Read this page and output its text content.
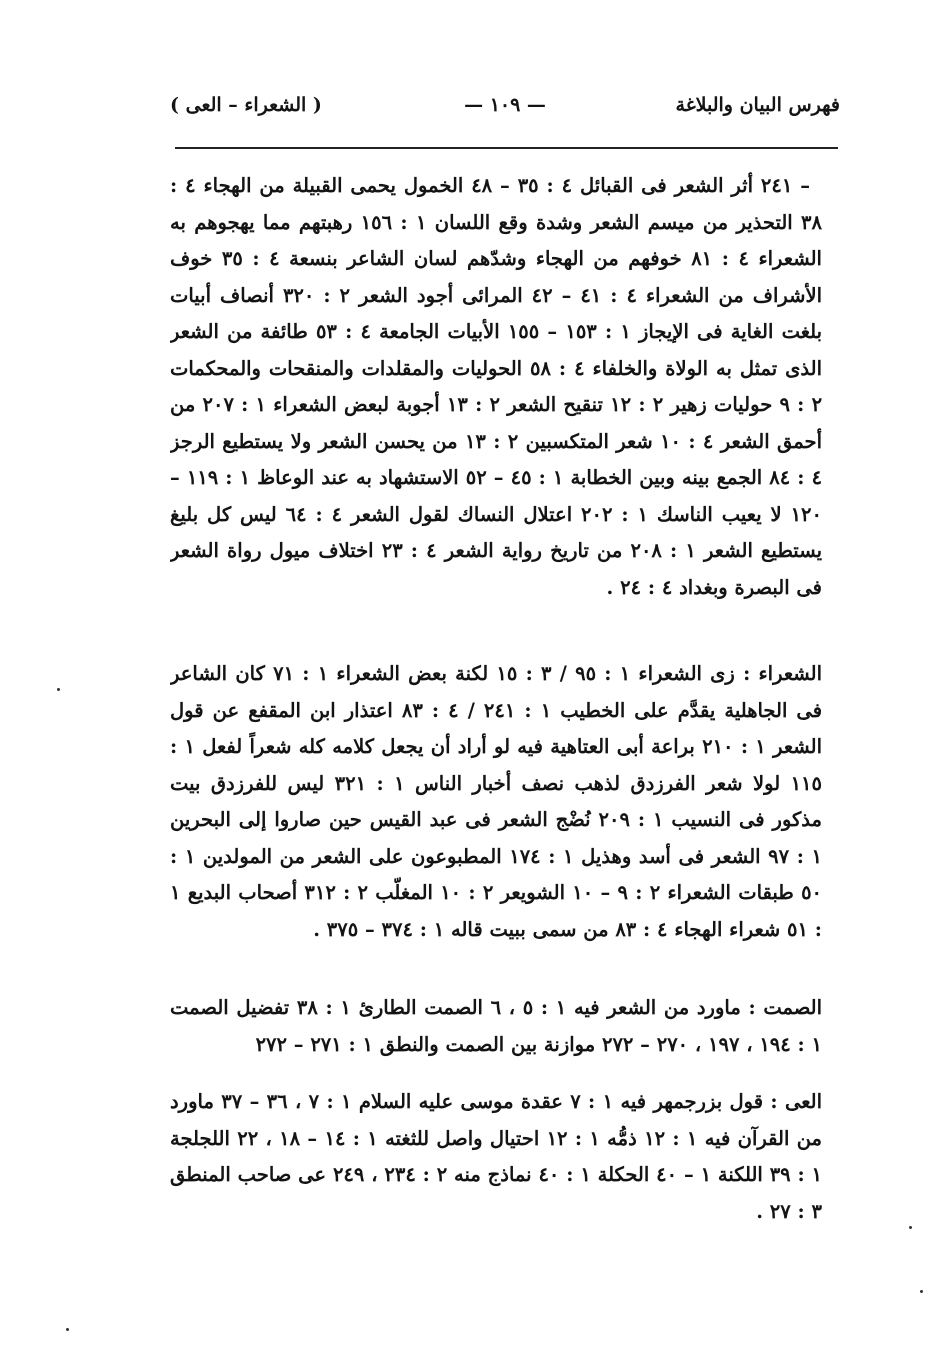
فهرس البيان والبلاغة
— ١٠٩ —
( الشعراء – العى )

– ٢٤١ أثر الشعر فى القبائل ٤ : ٣٥ – ٤٨ الخمول يحمى القبيلة من الهجاء ٤ : ٣٨ التحذير من ميسم الشعر وشدة وقع اللسان ١ : ١٥٦ رهبتهم مما يهجوهم به الشعراء ٤ : ٨١ خوفهم من الهجاء وشدّهم لسان الشاعر بنسعة ٤ : ٣٥ خوف الأشراف من الشعراء ٤ : ٤١ – ٤٢ المرائى أجود الشعر ٢ : ٣٢٠ أنصاف أبيات بلغت الغاية فى الإيجاز ١ : ١٥٣ – ١٥٥ الأبيات الجامعة ٤ : ٥٣ طائفة من الشعر الذى تمثل به الولاة والخلفاء ٤ : ٥٨ الحوليات والمقلدات والمنقحات والمحكمات ٢ : ٩ حوليات زهير ٢ : ١٢ تنقيح الشعر ٢ : ١٣ أجوبة لبعض الشعراء ١ : ٢٠٧ من أحمق الشعر ٤ : ١٠ شعر المتكسبين ٢ : ١٣ من يحسن الشعر ولا يستطيع الرجز ٤ : ٨٤ الجمع بينه وبين الخطابة ١ : ٤٥ – ٥٢ الاستشهاد به عند الوعاظ ١ : ١١٩ – ١٢٠ لا يعيب الناسك ١ : ٢٠٢ اعتلال النساك لقول الشعر ٤ : ٦٤ ليس كل بليغ يستطيع الشعر ١ : ٢٠٨ من تاريخ رواية الشعر ٤ : ٢٣ اختلاف ميول رواة الشعر فى البصرة وبغداد ٤ : ٢٤ .

الشعراء : زى الشعراء ١ : ٩٥ / ٣ : ١٥ لكنة بعض الشعراء ١ : ٧١ كان الشاعر فى الجاهلية يقدَّم على الخطيب ١ : ٢٤١ / ٤ : ٨٣ اعتذار ابن المقفع عن قول الشعر ١ : ٢١٠ براعة أبى العتاهية فيه لو أراد أن يجعل كلامه كله شعراً لفعل ١ : ١١٥ لولا شعر الفرزدق لذهب نصف أخبار الناس ١ : ٣٢١ ليس للفرزدق بيت مذكور فى النسيب ١ : ٢٠٩ نُضْج الشعر فى عبد القيس حين صاروا إلى البحرين ١ : ٩٧ الشعر فى أسد وهذيل ١ : ١٧٤ المطبوعون على الشعر من المولدين ١ : ٥٠ طبقات الشعراء ٢ : ٩ – ١٠ الشويعر ٢ : ١٠ المغلّب ٢ : ٣١٢ أصحاب البديع ١ : ٥١ شعراء الهجاء ٤ : ٨٣ من سمى ببيت قاله ١ : ٣٧٤ – ٣٧٥ .

الصمت : ماورد من الشعر فيه ١ : ٥ ، ٦ الصمت الطارئ ١ : ٣٨ تفضيل الصمت ١ : ١٩٤ ، ١٩٧ ، ٢٧٠ – ٢٧٢ موازنة بين الصمت والنطق ١ : ٢٧١ – ٢٧٢

العى : قول بزرجمهر فيه ١ : ٧ عقدة موسى عليه السلام ١ : ٧ ، ٣٦ – ٣٧ ماورد من القرآن فيه ١ : ١٢ ذمُّه ١ : ١٢ احتيال واصل للثغته ١ : ١٤ – ١٨ ، ٢٢ اللجلجة ١ : ٣٩ اللكنة ١ – ٤٠ الحكلة ١ : ٤٠ نماذج منه ٢ : ٢٣٤ ، ٢٤٩ عى صاحب المنطق ٣ : ٢٧ .
